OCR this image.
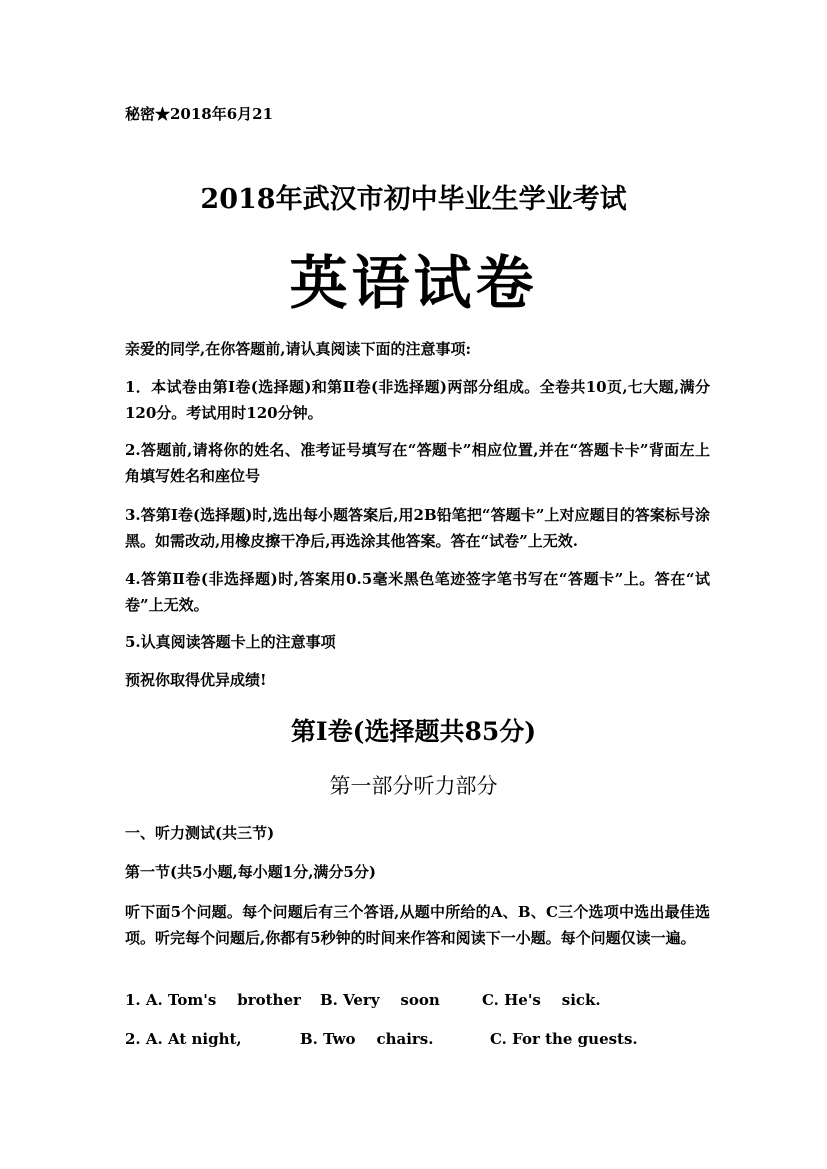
秘密★2018年6月21
2018年武汉市初中毕业生学业考试
英语试卷
亲爱的同学,在你答题前,请认真阅读下面的注意事项:
1．本试卷由第Ⅰ卷(选择题)和第Ⅱ卷(非选择题)两部分组成。全卷共10页,七大题,满分120分。考试用时120分钟。
2.答题前,请将你的姓名、准考证号填写在“答题卡”相应位置,并在“答题卡卡”背面左上角填写姓名和座位号
3.答第I卷(选择题)时,选出每小题答案后,用2B铅笔把“答题卡”上对应题目的答案标号涂黑。如需改动,用橡皮擦干净后,再选涂其他答案。答在“试卷”上无效.
4.答第Ⅱ卷(非选择题)时,答案用0.5毫米黑色笔迹签字笔书写在“答题卡”上。答在“试卷”上无效。
5.认真阅读答题卡上的注意事项
预祝你取得优异成绩!
第I卷(选择题共85分)
第一部分听力部分
一、听力测试(共三节)
第一节(共5小题,每小题1分,满分5分)
听下面5个问题。每个问题后有三个答语,从题中所给的A、B、C三个选项中选出最佳选项。听完每个问题后,你都有5秒钟的时间来作答和阅读下一小题。每个问题仅读一遍。
1. A. Tom's    brother B. Very    soon	C. He's    sick.
2. A. At night,	B. Two    chairs.	C. For the guests.
